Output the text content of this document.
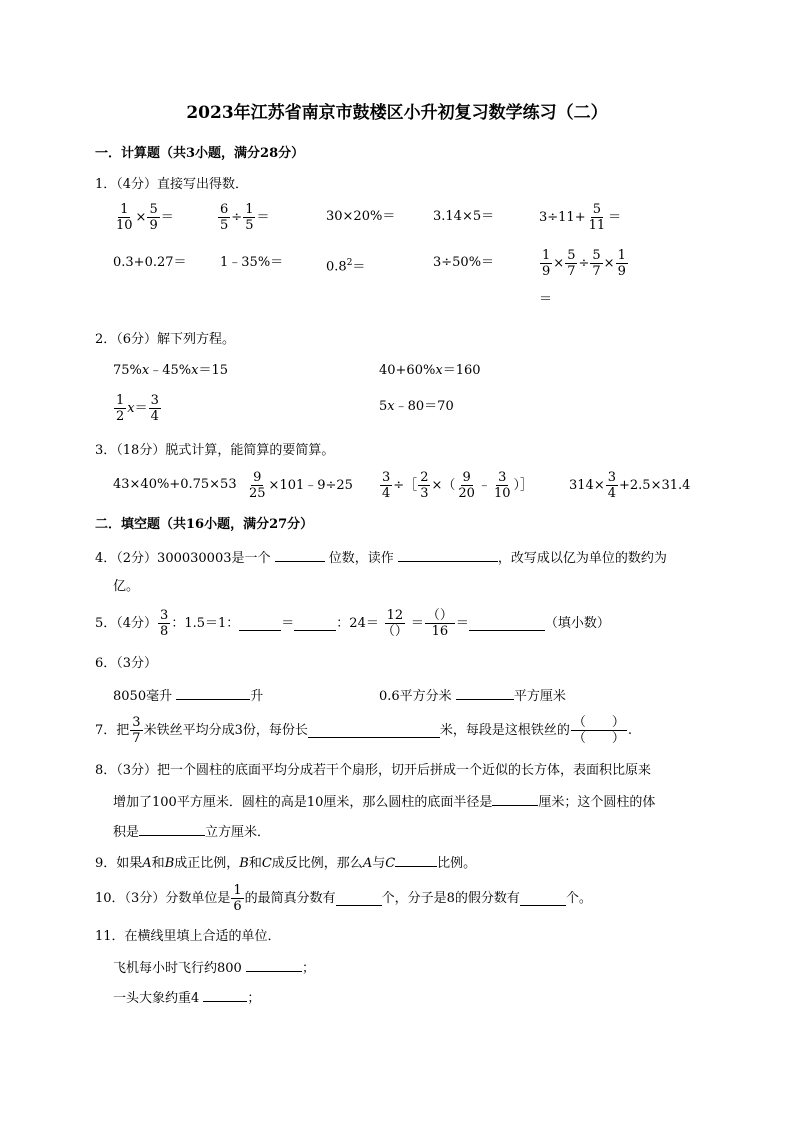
2023年江苏省南京市鼓楼区小升初复习数学练习（二）
一．计算题（共3小题，满分28分）
1．（4分）直接写出得数．
$\frac{1}{10} \times \frac{5}{9}$ ＝	$\frac{6}{5} \div \frac{1}{5}$ ＝	30×20%＝	3.14×5＝	$3\div 11+ \frac{5}{11}$ ＝
0.3+0.27＝	1﹣35%＝	$0.8^2=$	3÷50%＝	$\frac{1}{9} \times \frac{5}{7} \div \frac{5}{7} \times \frac{1}{9}$
＝
2．（6分）解下列方程。
75%x﹣45%x＝15	40+60%x＝160
$\frac{1}{2}$ $x = \frac{3}{4}$	5x﹣80＝70
3．（18分）脱式计算，能简算的要简算。
$43\times 40\%+0.75\times 53 \frac{9}{25}$ ×101﹣9÷25 $\frac{3}{4}$ ÷［ $\frac{2}{3}$ ×（ $\frac{9}{20}$ ﹣ $\frac{3}{10}$ ）］	$314\times \frac{3}{4} +2.5\times 31.4$
二．填空题（共16小题，满分27分）
4．（2分）300030003是一个	位数，读作	，改写成以亿为单位的数约为
亿。
5．（4分） $\frac{3}{8}$ ：1.5＝1：	＝	：$24= \frac{12}{()} = \frac{()}{16}$ ＝	（填小数）
6．（3分）
8050毫升	升	0.6平方分米	平方厘米
7．把 $\frac{3}{7}$ 米铁丝平均分成3份，每份长	米，每段是这根铁丝的 $\frac{( )}{( )}$ .
8．（3分）把一个圆柱的底面平均分成若干个扇形，切开后拼成一个近似的长方体，表面积比原来
增加了100平方厘米．圆柱的高是10厘米，那么圆柱的底面半径是	厘米；这个圆柱的体
积是	立方厘米．
9．如果A和B成正比例，B和C成反比例，那么A与C	比例。
10．（3分）分数单位是 $\frac{1}{6}$ 的最简真分数有	个，分子是8的假分数有	个。
11．在横线里填上合适的单位．
飞机每小时飞行约800	；
一头大象约重4	；
